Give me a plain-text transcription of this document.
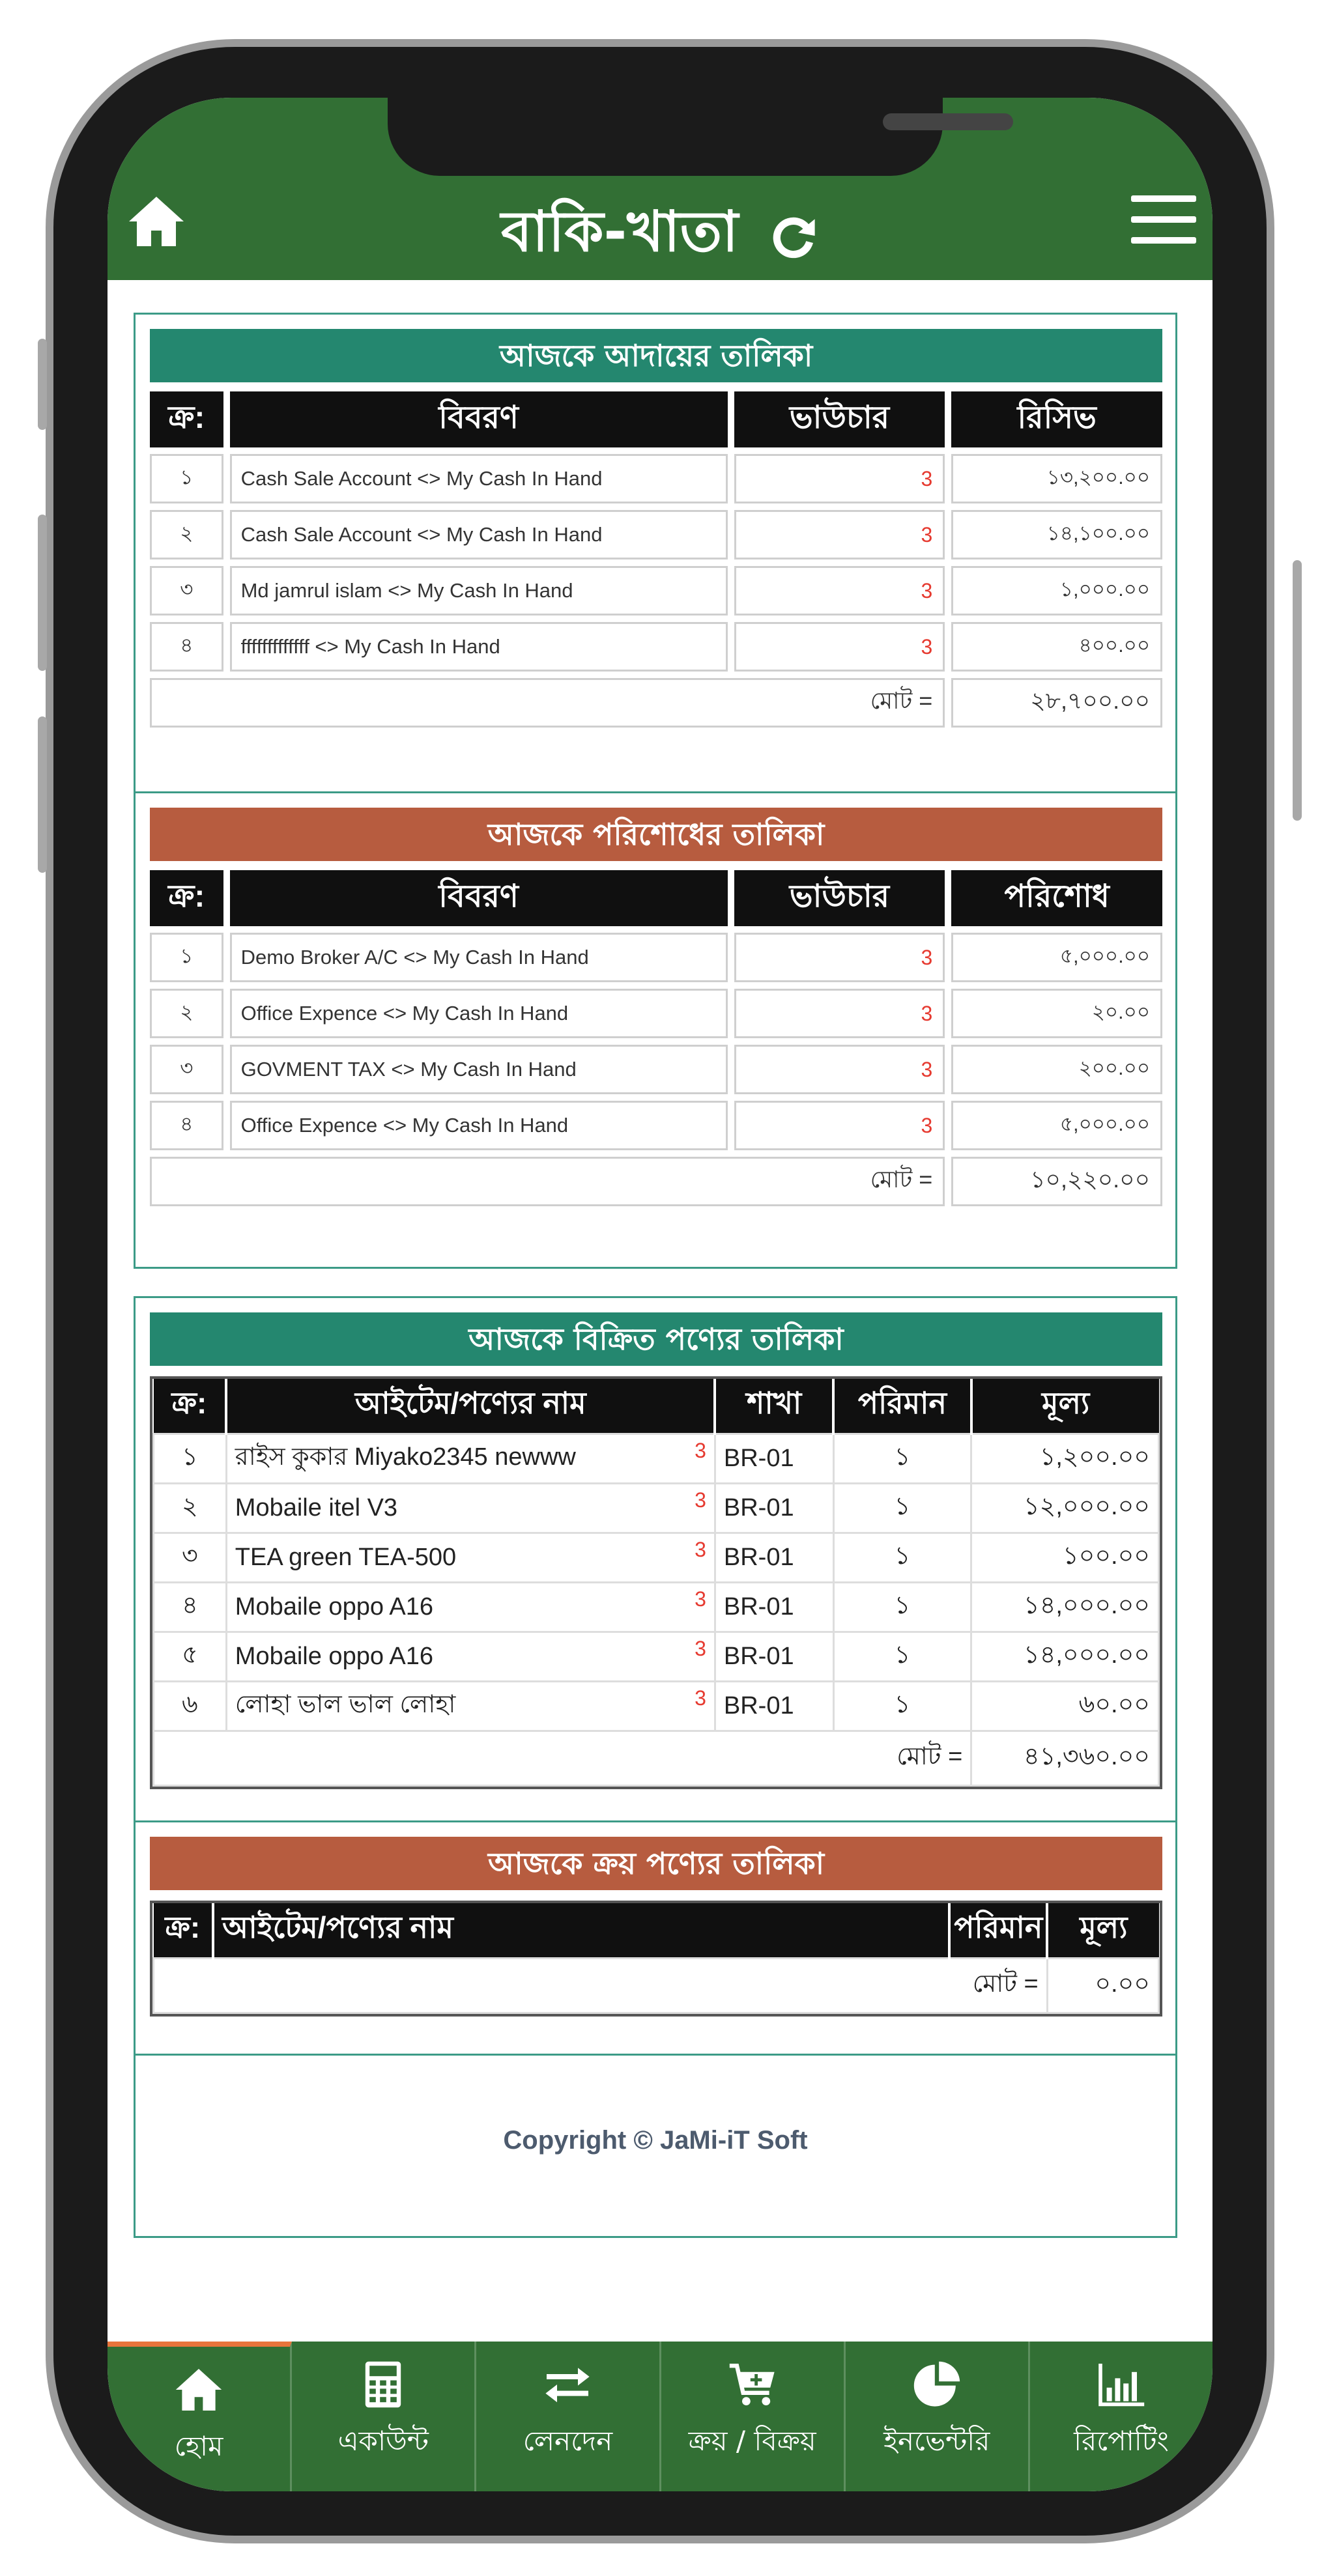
বাকি-খাতা
আজকে আদায়ের তালিকা
ক্র:	বিবরণ	ভাউচার	রিসিভ
১	Cash Sale Account <> My Cash In Hand	3	১৩,২০০.০০
২	Cash Sale Account <> My Cash In Hand	3	১৪,১০০.০০
৩	Md jamrul islam <> My Cash In Hand	3	১,০০০.০০
৪	fffffffffffff <> My Cash In Hand	3	৪০০.০০
মোট =			২৮,৭০০.০০
আজকে পরিশোধের তালিকা
ক্র:	বিবরণ	ভাউচার	পরিশোধ
১	Demo Broker A/C <> My Cash In Hand	3	৫,০০০.০০
২	Office Expence <> My Cash In Hand	3	২০.০০
৩	GOVMENT TAX <> My Cash In Hand	3	২০০.০০
৪	Office Expence <> My Cash In Hand	3	৫,০০০.০০
মোট =			১০,২২০.০০
আজকে বিক্রিত পণ্যের তালিকা
ক্র:	আইটেম/পণ্যের নাম	শাখা	পরিমান	মূল্য
১	রাইস কুকার Miyako2345 newww 3	BR-01	১	১,২০০.০০
২	Mobaile itel V3 3	BR-01	১	১২,০০০.০০
৩	TEA green TEA-500 3	BR-01	১	১০০.০০
৪	Mobaile oppo A16 3	BR-01	১	১৪,০০০.০০
৫	Mobaile oppo A16 3	BR-01	১	১৪,০০০.০০
৬	লোহা ভাল ভাল লোহা 3	BR-01	১	৬০.০০
মোট =				৪১,৩৬০.০০
আজকে ক্রয় পণ্যের তালিকা
ক্র:	আইটেম/পণ্যের নাম	পরিমান	মূল্য
মোট =			০.০০
Copyright © JaMi-iT Soft
হোম	একাউন্ট	লেনদেন	ক্রয় / বিক্রয়	ইনভেন্টরি	রিপোটিং
